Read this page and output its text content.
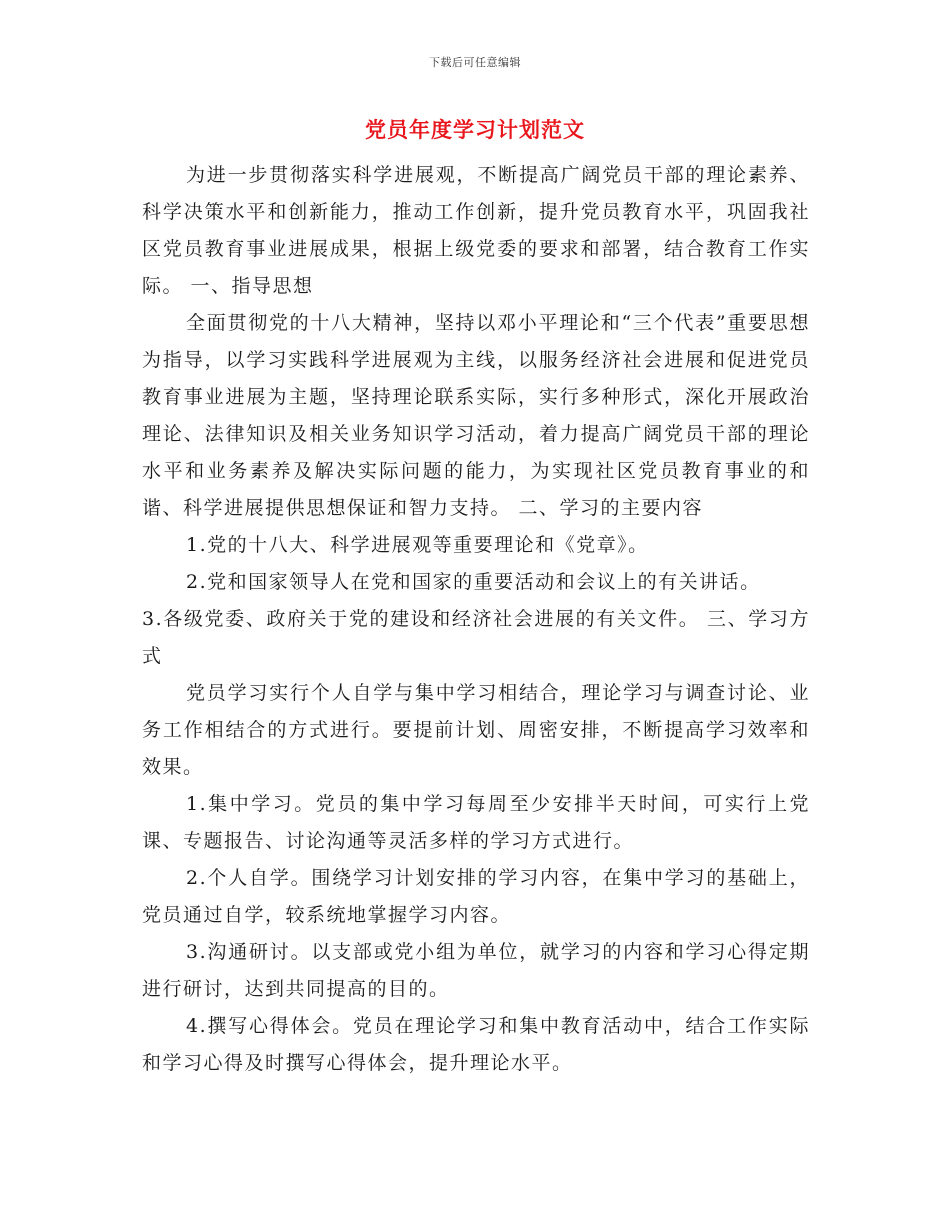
下载后可任意编辑
党员年度学习计划范文

为进一步贯彻落实科学进展观，不断提高广阔党员干部的理论素养、科学决策水平和创新能力，推动工作创新，提升党员教育水平，巩固我社区党员教育事业进展成果，根据上级党委的要求和部署，结合教育工作实际。 一、指导思想

全面贯彻党的十八大精神，坚持以邓小平理论和“三个代表”重要思想为指导，以学习实践科学进展观为主线，以服务经济社会进展和促进党员教育事业进展为主题，坚持理论联系实际，实行多种形式，深化开展政治理论、法律知识及相关业务知识学习活动，着力提高广阔党员干部的理论水平和业务素养及解决实际问题的能力，为实现社区党员教育事业的和谐、科学进展提供思想保证和智力支持。 二、学习的主要内容

1.党的十八大、科学进展观等重要理论和《党章》。

2.党和国家领导人在党和国家的重要活动和会议上的有关讲话。

3.各级党委、政府关于党的建设和经济社会进展的有关文件。 三、学习方式

党员学习实行个人自学与集中学习相结合，理论学习与调查讨论、业务工作相结合的方式进行。要提前计划、周密安排，不断提高学习效率和效果。

1.集中学习。党员的集中学习每周至少安排半天时间，可实行上党课、专题报告、讨论沟通等灵活多样的学习方式进行。

2.个人自学。围绕学习计划安排的学习内容，在集中学习的基础上，党员通过自学，较系统地掌握学习内容。

3.沟通研讨。以支部或党小组为单位，就学习的内容和学习心得定期进行研讨，达到共同提高的目的。

4.撰写心得体会。党员在理论学习和集中教育活动中，结合工作实际和学习心得及时撰写心得体会，提升理论水平。
